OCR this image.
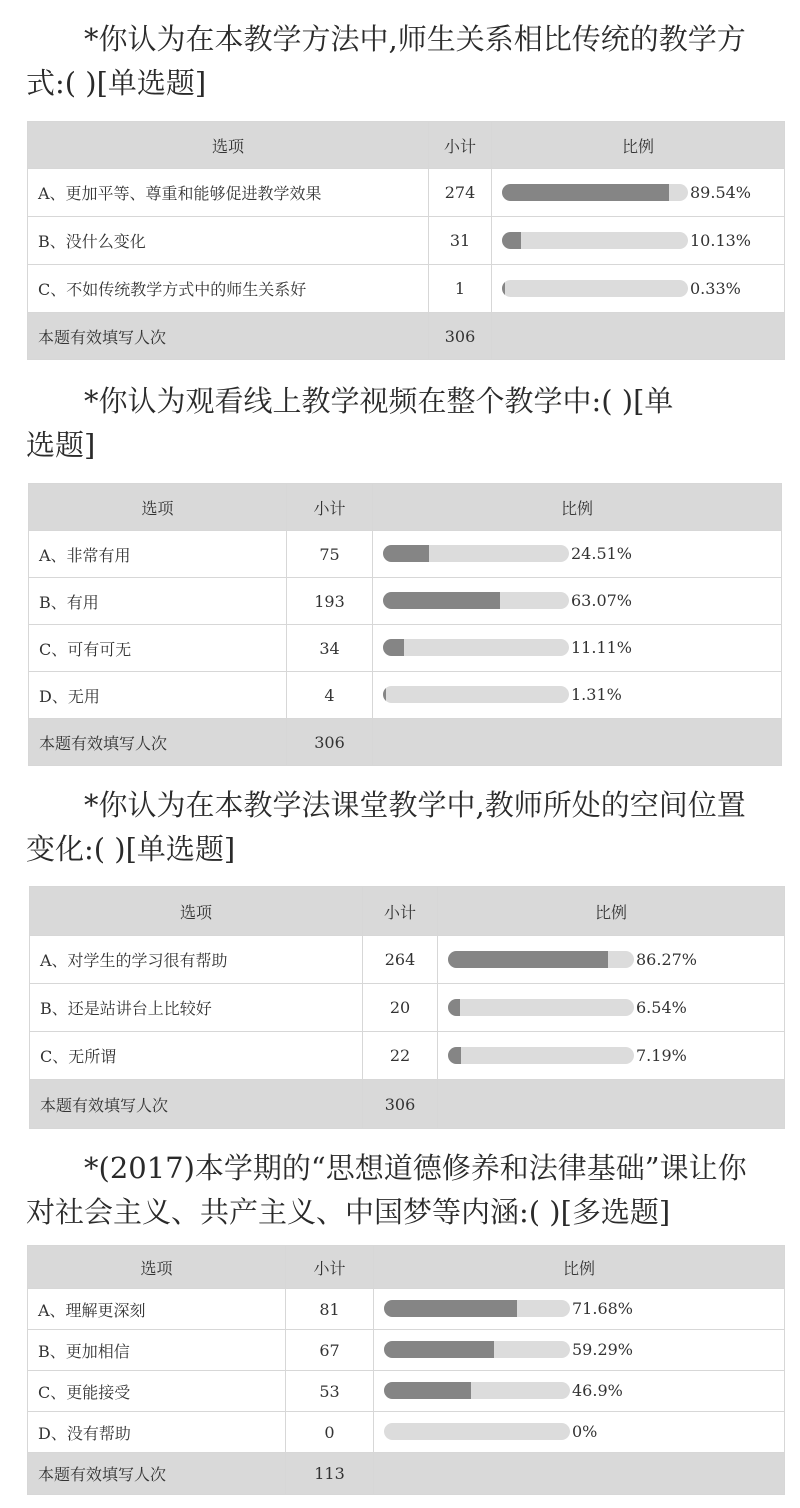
*你认为在本教学方法中,师生关系相比传统的教学方
式:( )[单选题]
选项	小计	比例
A、更加平等、尊重和能够促进教学效果	274	89.54%

B、没什么变化	31	10.13%

C、不如传统教学方式中的师生关系好	1	0.33%

本题有效填写人次	306	
*你认为观看线上教学视频在整个教学中:( )[单
选题]
选项	小计	比例
A、非常有用	75	24.51%

B、有用	193	63.07%

C、可有可无	34	11.11%

D、无用	4	1.31%

本题有效填写人次	306	
*你认为在本教学法课堂教学中,教师所处的空间位置
变化:( )[单选题]
选项	小计	比例
A、对学生的学习很有帮助	264	86.27%

B、还是站讲台上比较好	20	6.54%

C、无所谓	22	7.19%

本题有效填写人次	306	
*(2017)本学期的“思想道德修养和法律基础”课让你
对社会主义、共产主义、中国梦等内涵:( )[多选题]
选项	小计	比例
A、理解更深刻	81	71.68%

B、更加相信	67	59.29%

C、更能接受	53	46.9%

D、没有帮助	0	0%

本题有效填写人次	113	
